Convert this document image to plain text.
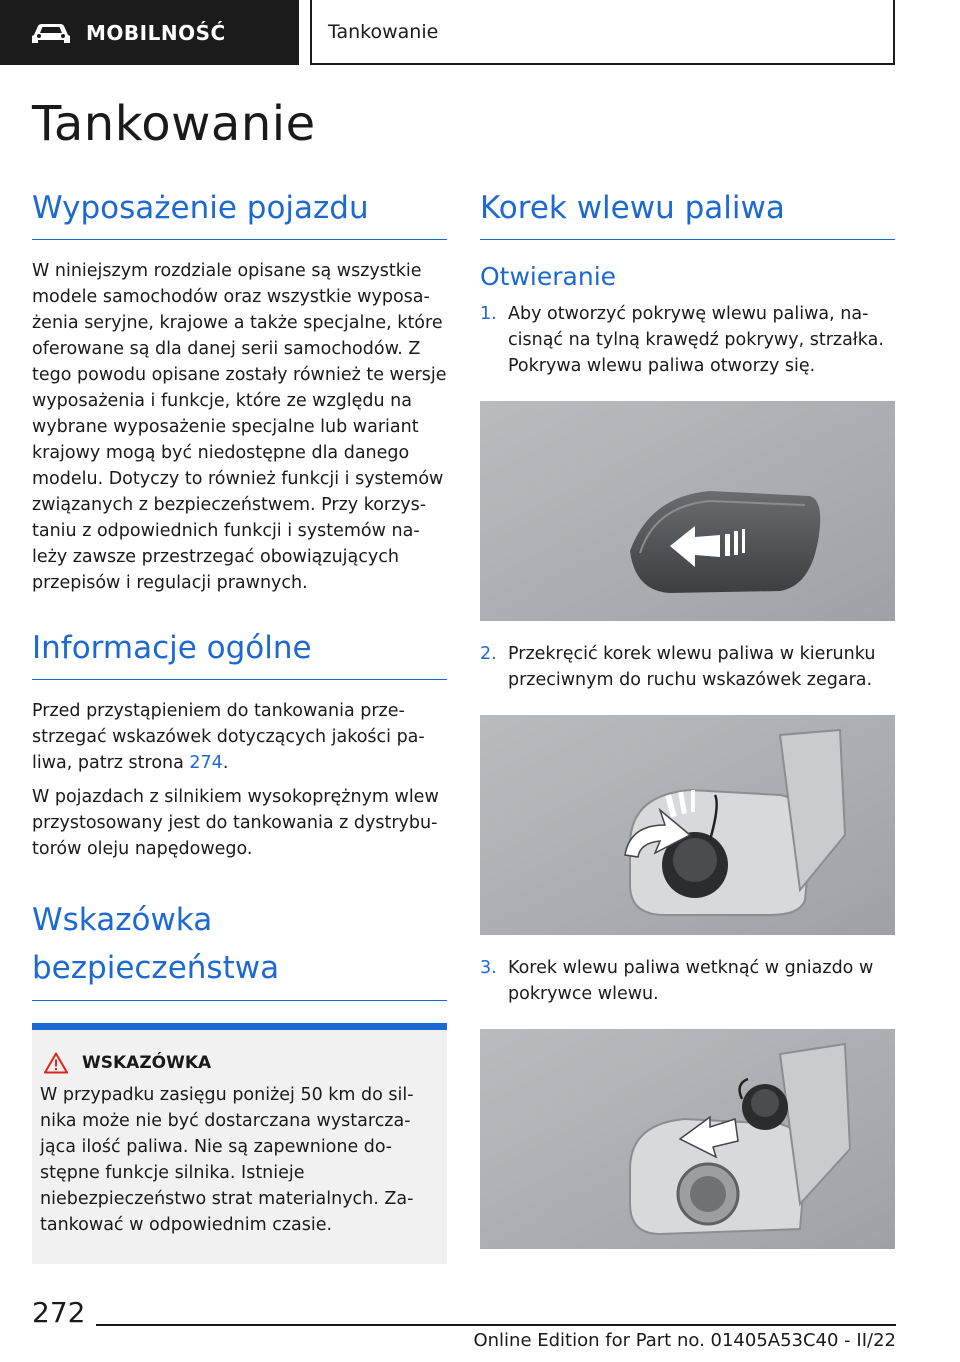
MOBILNOŚĆ	Tankowanie
Tankowanie
Wyposażenie pojazdu

W niniejszym rozdziale opisane są wszystkie modele samochodów oraz wszystkie wyposażenia seryjne, krajowe a także specjalne, które oferowane są dla danej serii samochodów. Z tego powodu opisane zostały również te wersje wyposażenia i funkcje, które ze względu na wybrane wyposażenie specjalne lub wariant krajowy mogą być niedostępne dla danego modelu. Dotyczy to również funkcji i systemów związanych z bezpieczeństwem. Przy korzystaniu z odpowiednich funkcji i systemów należy zawsze przestrzegać obowiązujących przepisów i regulacji prawnych.

Informacje ogólne

Przed przystąpieniem do tankowania przestrzegać wskazówek dotyczących jakości paliwa, patrz strona 274.

W pojazdach z silnikiem wysokoprężnym wlew przystosowany jest do tankowania z dystrybutorów oleju napędowego.

Wskazówka bezpieczeństwa
WSKAZÓWKA

W przypadku zasięgu poniżej 50 km do silnika może nie być dostarczana wystarczająca ilość paliwa. Nie są zapewnione dostępne funkcje silnika. Istnieje niebezpieczeństwo strat materialnych. Zatankować w odpowiednim czasie.

Korek wlewu paliwa
Otwieranie
1. Aby otworzyć pokrywę wlewu paliwa, nacisnąć na tylną krawędź pokrywy, strzałka. Pokrywa wlewu paliwa otworzy się.
2. Przekręcić korek wlewu paliwa w kierunku przeciwnym do ruchu wskazówek zegara.
3. Korek wlewu paliwa wetknąć w gniazdo w pokrywce wlewu.
272
Online Edition for Part no. 01405A53C40 - II/22
